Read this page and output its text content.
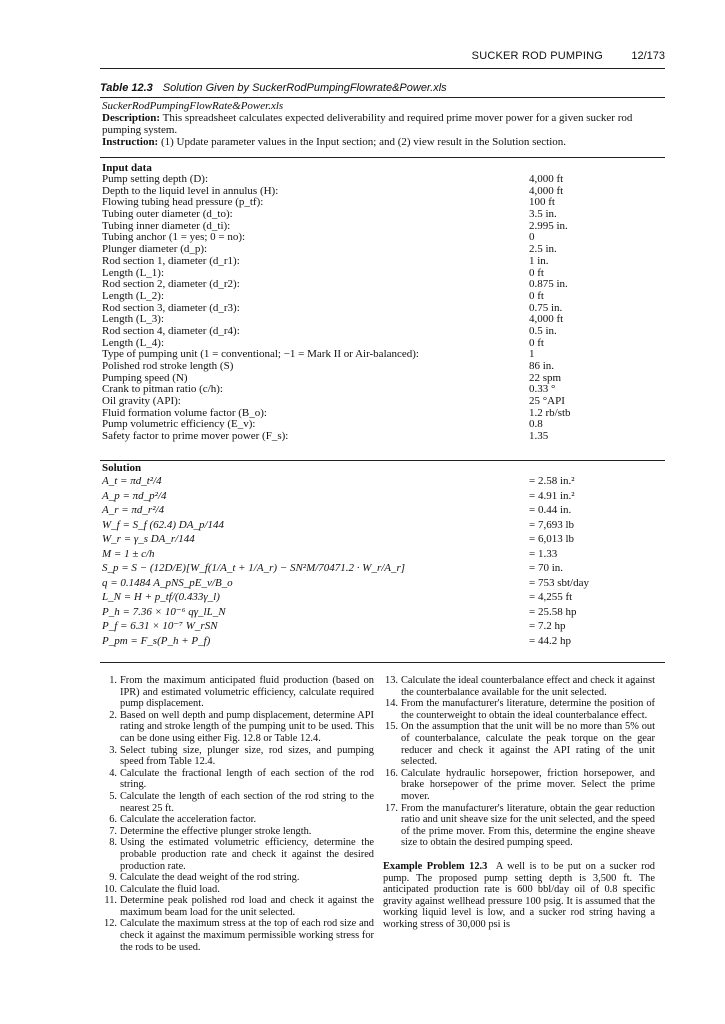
SUCKER ROD PUMPING	12/173
Table 12.3 Solution Given by SuckerRodPumpingFlowrate&Power.xls
SuckerRodPumpingFlowRate&Power.xls
Description: This spreadsheet calculates expected deliverability and required prime mover power for a given sucker rod pumping system.
Instruction: (1) Update parameter values in the Input section; and (2) view result in the Solution section.
Input data
Pump setting depth (D):	4,000 ft
Depth to the liquid level in annulus (H):	4,000 ft
Flowing tubing head pressure (p_tf):	100 ft
Tubing outer diameter (d_to):	3.5 in.
Tubing inner diameter (d_ti):	2.995 in.
Tubing anchor (1 = yes; 0 = no):	0
Plunger diameter (d_p):	2.5 in.
Rod section 1, diameter (d_r1):	1 in.
Length (L_1):	0 ft
Rod section 2, diameter (d_r2):	0.875 in.
Length (L_2):	0 ft
Rod section 3, diameter (d_r3):	0.75 in.
Length (L_3):	4,000 ft
Rod section 4, diameter (d_r4):	0.5 in.
Length (L_4):	0 ft
Type of pumping unit (1 = conventional; −1 = Mark II or Air-balanced):	1
Polished rod stroke length (S)	86 in.
Pumping speed (N)	22 spm
Crank to pitman ratio (c/h):	0.33 °
Oil gravity (API):	25 °API
Fluid formation volume factor (B_o):	1.2 rb/stb
Pump volumetric efficiency (E_v):	0.8
Safety factor to prime mover power (F_s):	1.35
Solution
A_t = πd_t²/4	= 2.58 in.²
A_p = πd_p²/4	= 4.91 in.²
A_r = πd_r²/4	= 0.44 in.
W_f = S_f (62.4) DA_p/144	= 7,693 lb
W_r = γ_s DA_r/144	= 6,013 lb
M = 1 ± c/h	= 1.33
S_p = S − (12D/E)[W_f(1/A_t + 1/A_r) − SN²M/70471.2 · W_r/A_r]	= 70 in.
q = 0.1484 A_pNS_pE_v/B_o	= 753 sbt/day
L_N = H + p_tf/(0.433γ_l)	= 4,255 ft
P_h = 7.36 × 10⁻⁶ qγ_lL_N	= 25.58 hp
P_f = 6.31 × 10⁻⁷ W_rSN	= 7.2 hp
P_pm = F_s(P_h + P_f)	= 44.2 hp

1. From the maximum anticipated fluid production (based on IPR) and estimated volumetric efficiency, calculate required pump displacement.

2. Based on well depth and pump displacement, determine API rating and stroke length of the pumping unit to be used. This can be done using either Fig. 12.8 or Table 12.4.

3. Select tubing size, plunger size, rod sizes, and pumping speed from Table 12.4.

4. Calculate the fractional length of each section of the rod string.

5. Calculate the length of each section of the rod string to the nearest 25 ft.

6. Calculate the acceleration factor.

7. Determine the effective plunger stroke length.

8. Using the estimated volumetric efficiency, determine the probable production rate and check it against the desired production rate.

9. Calculate the dead weight of the rod string.

10. Calculate the fluid load.

11. Determine peak polished rod load and check it against the maximum beam load for the unit selected.

12. Calculate the maximum stress at the top of each rod size and check it against the maximum permissible working stress for the rods to be used.

13. Calculate the ideal counterbalance effect and check it against the counterbalance available for the unit selected.

14. From the manufacturer's literature, determine the position of the counterweight to obtain the ideal counterbalance effect.

15. On the assumption that the unit will be no more than 5% out of counterbalance, calculate the peak torque on the gear reducer and check it against the API rating of the unit selected.

16. Calculate hydraulic horsepower, friction horsepower, and brake horsepower of the prime mover. Select the prime mover.

17. From the manufacturer's literature, obtain the gear reduction ratio and unit sheave size for the unit selected, and the speed of the prime mover. From this, determine the engine sheave size to obtain the desired pumping speed.

Example Problem 12.3 A well is to be put on a sucker rod pump. The proposed pump setting depth is 3,500 ft. The anticipated production rate is 600 bbl/day oil of 0.8 specific gravity against wellhead pressure 100 psig. It is assumed that the working liquid level is low, and a sucker rod string having a working stress of 30,000 psi is
